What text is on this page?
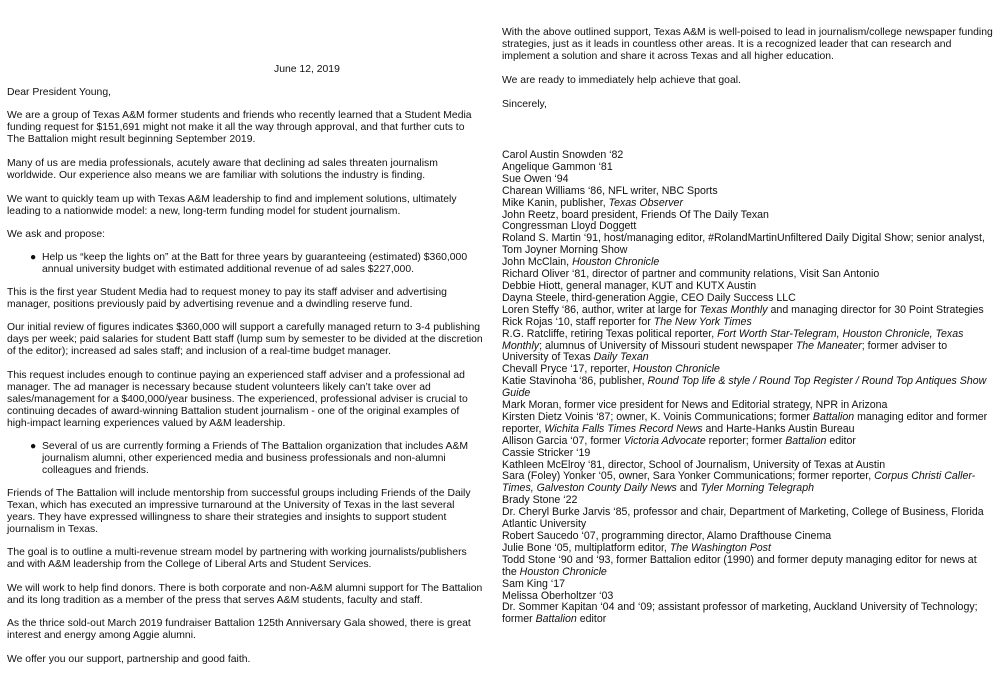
June 12, 2019

Dear President Young,

We are a group of Texas A&M former students and friends who recently learned that a Student Media funding request for $151,691 might not make it all the way through approval, and that further cuts to The Battalion might result beginning September 2019.

Many of us are media professionals, acutely aware that declining ad sales threaten journalism worldwide. Our experience also means we are familiar with solutions the industry is finding.

We want to quickly team up with Texas A&M leadership to find and implement solutions, ultimately leading to a nationwide model: a new, long-term funding model for student journalism.

We ask and propose:

● Help us “keep the lights on” at the Batt for three years by guaranteeing (estimated) $360,000 annual university budget with estimated additional revenue of ad sales $227,000.

This is the first year Student Media had to request money to pay its staff adviser and advertising manager, positions previously paid by advertising revenue and a dwindling reserve fund.

Our initial review of figures indicates $360,000 will support a carefully managed return to 3-4 publishing days per week; paid salaries for student Batt staff (lump sum by semester to be divided at the discretion of the editor); increased ad sales staff; and inclusion of a real-time budget manager.

This request includes enough to continue paying an experienced staff adviser and a professional ad manager. The ad manager is necessary because student volunteers likely can’t take over ad sales/management for a $400,000/year business. The experienced, professional adviser is crucial to continuing decades of award-winning Battalion student journalism - one of the original examples of high-impact learning experiences valued by A&M leadership.

● Several of us are currently forming a Friends of The Battalion organization that includes A&M journalism alumni, other experienced media and business professionals and non-alumni colleagues and friends.

Friends of The Battalion will include mentorship from successful groups including Friends of the Daily Texan, which has executed an impressive turnaround at the University of Texas in the last several years. They have expressed willingness to share their strategies and insights to support student journalism in Texas.

The goal is to outline a multi-revenue stream model by partnering with working journalists/publishers and with A&M leadership from the College of Liberal Arts and Student Services.

We will work to help find donors. There is both corporate and non-A&M alumni support for The Battalion and its long tradition as a member of the press that serves A&M students, faculty and staff.

As the thrice sold-out March 2019 fundraiser Battalion 125th Anniversary Gala showed, there is great interest and energy among Aggie alumni.

We offer you our support, partnership and good faith.

With the above outlined support, Texas A&M is well-poised to lead in journalism/college newspaper funding strategies, just as it leads in countless other areas. It is a recognized leader that can research and implement a solution and share it across Texas and all higher education.

We are ready to immediately help achieve that goal.

Sincerely,

Carol Austin Snowden ‘82
Angelique Gammon ‘81
Sue Owen ‘94
Charean Williams ‘86, NFL writer, NBC Sports
Mike Kanin, publisher, Texas Observer
John Reetz, board president, Friends Of The Daily Texan
Congressman Lloyd Doggett
Roland S. Martin ‘91, host/managing editor, #RolandMartinUnfiltered Daily Digital Show; senior analyst, Tom Joyner Morning Show
John McClain, Houston Chronicle
Richard Oliver ‘81, director of partner and community relations, Visit San Antonio
Debbie Hiott, general manager, KUT and KUTX Austin
Dayna Steele, third-generation Aggie, CEO Daily Success LLC
Loren Steffy ‘86, author, writer at large for Texas Monthly and managing director for 30 Point Strategies
Rick Rojas ‘10, staff reporter for The New York Times
R.G. Ratcliffe, retiring Texas political reporter, Fort Worth Star-Telegram, Houston Chronicle, Texas Monthly; alumnus of University of Missouri student newspaper The Maneater; former adviser to University of Texas Daily Texan
Chevall Pryce ‘17, reporter, Houston Chronicle
Katie Stavinoha ‘86, publisher, Round Top life & style / Round Top Register / Round Top Antiques Show Guide
Mark Moran, former vice president for News and Editorial strategy, NPR in Arizona
Kirsten Dietz Voinis ‘87; owner, K. Voinis Communications; former Battalion managing editor and former reporter, Wichita Falls Times Record News and Harte-Hanks Austin Bureau
Allison Garcia ‘07, former Victoria Advocate reporter; former Battalion editor
Cassie Stricker ‘19
Kathleen McElroy ‘81, director, School of Journalism, University of Texas at Austin
Sara (Foley) Yonker ‘05, owner, Sara Yonker Communications; former reporter, Corpus Christi Caller-Times, Galveston County Daily News and Tyler Morning Telegraph
Brady Stone ‘22
Dr. Cheryl Burke Jarvis ‘85, professor and chair, Department of Marketing, College of Business, Florida Atlantic University
Robert Saucedo ‘07, programming director, Alamo Drafthouse Cinema
Julie Bone ‘05, multiplatform editor, The Washington Post
Todd Stone ‘90 and ‘93, former Battalion editor (1990) and former deputy managing editor for news at the Houston Chronicle
Sam King ‘17
Melissa Oberholtzer ‘03
Dr. Sommer Kapitan ‘04 and ‘09; assistant professor of marketing, Auckland University of Technology; former Battalion editor
